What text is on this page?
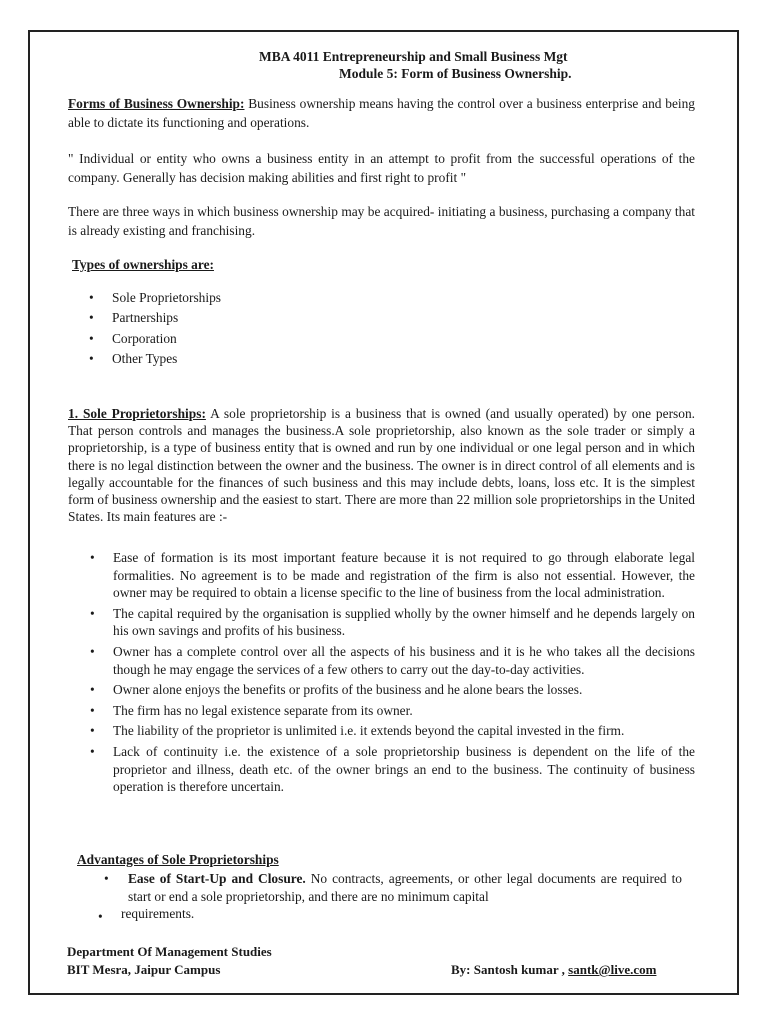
MBA 4011 Entrepreneurship and Small Business Mgt
Module 5: Form of Business Ownership.

Forms of Business Ownership: Business ownership means having the control over a business enterprise and being able to dictate its functioning and operations.

" Individual or entity who owns a business entity in an attempt to profit from the successful operations of the company. Generally has decision making abilities and first right to profit "

There are three ways in which business ownership may be acquired- initiating a business, purchasing a company that is already existing and franchising.

Types of ownerships are:
• Sole Proprietorships
• Partnerships
• Corporation
• Other Types

1. Sole Proprietorships: A sole proprietorship is a business that is owned (and usually operated) by one person. That person controls and manages the business.A sole proprietorship, also known as the sole trader or simply a proprietorship, is a type of business entity that is owned and run by one individual or one legal person and in which there is no legal distinction between the owner and the business. The owner is in direct control of all elements and is legally accountable for the finances of such business and this may include debts, loans, loss etc. It is the simplest form of business ownership and the easiest to start. There are more than 22 million sole proprietorships in the United States. Its main features are :-

• Ease of formation is its most important feature because it is not required to go through elaborate legal formalities. No agreement is to be made and registration of the firm is also not essential. However, the owner may be required to obtain a license specific to the line of business from the local administration.
• The capital required by the organisation is supplied wholly by the owner himself and he depends largely on his own savings and profits of his business.
• Owner has a complete control over all the aspects of his business and it is he who takes all the decisions though he may engage the services of a few others to carry out the day-to-day activities.
• Owner alone enjoys the benefits or profits of the business and he alone bears the losses.
• The firm has no legal existence separate from its owner.
• The liability of the proprietor is unlimited i.e. it extends beyond the capital invested in the firm.
• Lack of continuity i.e. the existence of a sole proprietorship business is dependent on the life of the proprietor and illness, death etc. of the owner brings an end to the business. The continuity of business operation is therefore uncertain.
Advantages of Sole Proprietorships
•	Ease of Start-Up and Closure. No contracts, agreements, or other legal documents are required to start or end a sole proprietorship, and there are no minimum capital
• requirements.
Department Of Management Studies
BIT Mesra, Jaipur Campus	By: Santosh kumar , santk@live.com
